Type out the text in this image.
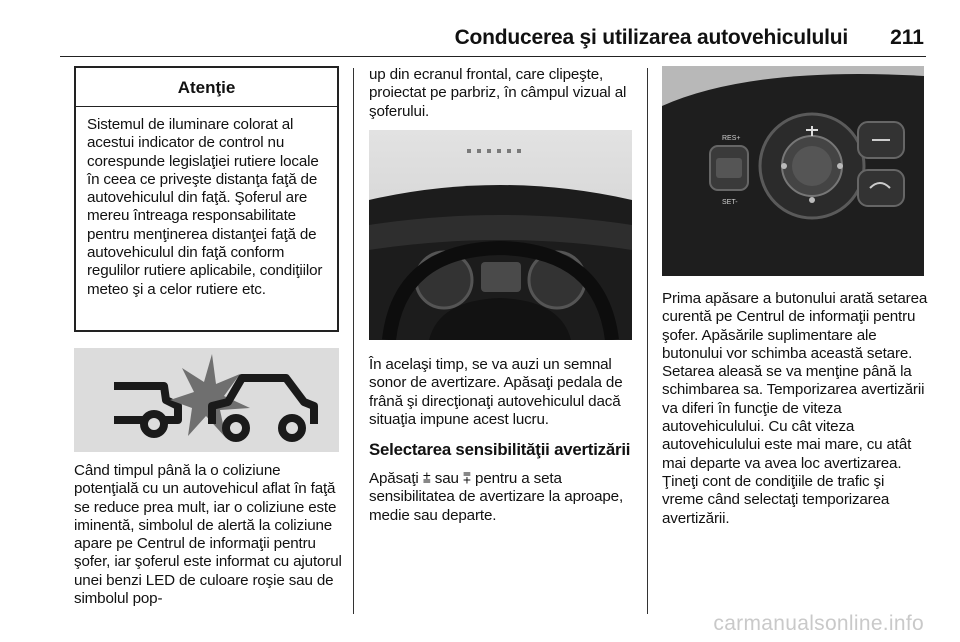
Conducerea şi utilizarea autovehiculului 211
Atenţie

Sistemul de iluminare colorat al acestui indicator de control nu corespunde legislaţiei rutiere locale în ceea ce priveşte distanţa faţă de autovehiculul din faţă. Şoferul are mereu întreaga responsabilitate pentru menţinerea distanţei faţă de autovehiculul din faţă conform regulilor rutiere aplicabile, condiţiilor meteo şi a celor rutiere etc.

Când timpul până la o coliziune potenţială cu un autovehicul aflat în faţă se reduce prea mult, iar o coliziune este iminentă, simbolul de alertă la coliziune apare pe Centrul de informaţii pentru şofer, iar şoferul este informat cu ajutorul unei benzi LED de culoare roşie sau de simbolul pop-

up din ecranul frontal, care clipeşte, proiectat pe parbriz, în câmpul vizual al şoferului.

În acelaşi timp, se va auzi un semnal sonor de avertizare. Apăsaţi pedala de frână şi direcţionaţi autovehiculul dacă situaţia impune acest lucru.

Selectarea sensibilităţii avertizării

Apăsaţi ⩲ sau ⩱ pentru a seta sensibilitatea de avertizare la aproape, medie sau departe.

RES+
SET-

Prima apăsare a butonului arată setarea curentă pe Centrul de informaţii pentru şofer. Apăsările suplimentare ale butonului vor schimba această setare. Setarea aleasă se va menţine până la schimbarea sa. Temporizarea avertizării va diferi în funcţie de viteza autovehiculului. Cu cât viteza autovehiculului este mai mare, cu atât mai departe va avea loc avertizarea. Ţineţi cont de condiţiile de trafic şi vreme când selectaţi temporizarea avertizării.

carmanualsonline.info
